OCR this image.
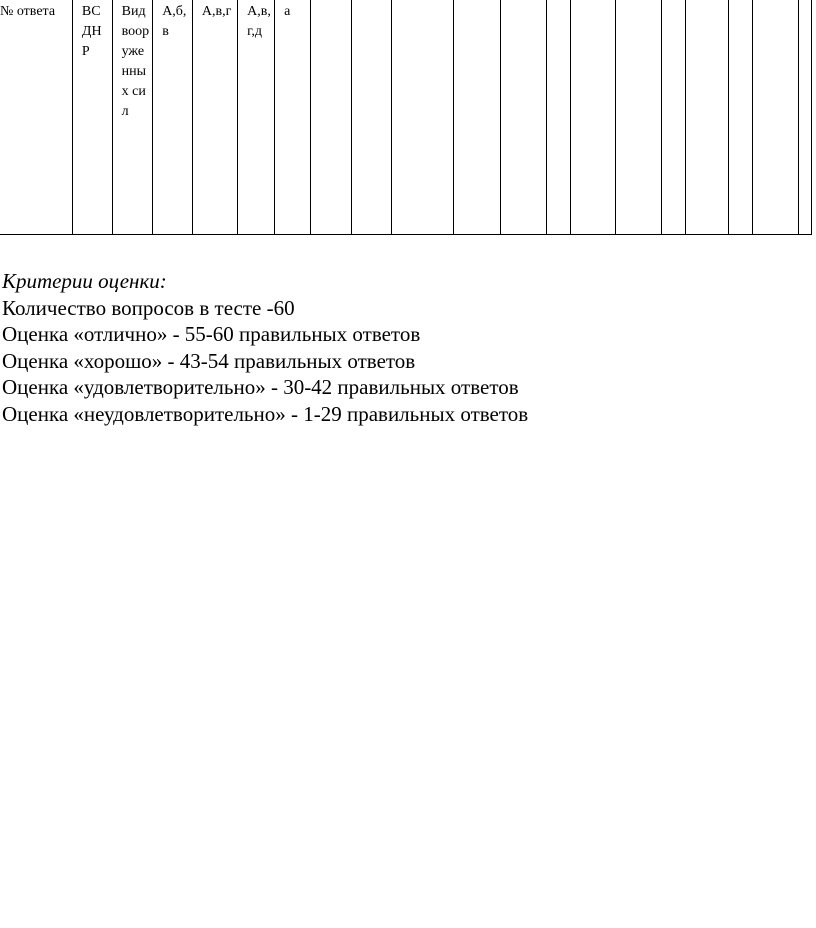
№ ответа	ВСДНР	Вид вооруженных сил	А,б,в	А,в,г	А,в,г,д	а													
Критерии оценки:
Количество вопросов в тесте -60
Оценка «отлично» - 55-60 правильных ответов
Оценка «хорошо» - 43-54 правильных ответов
Оценка «удовлетворительно» - 30-42 правильных ответов
Оценка «неудовлетворительно» - 1-29 правильных ответов
